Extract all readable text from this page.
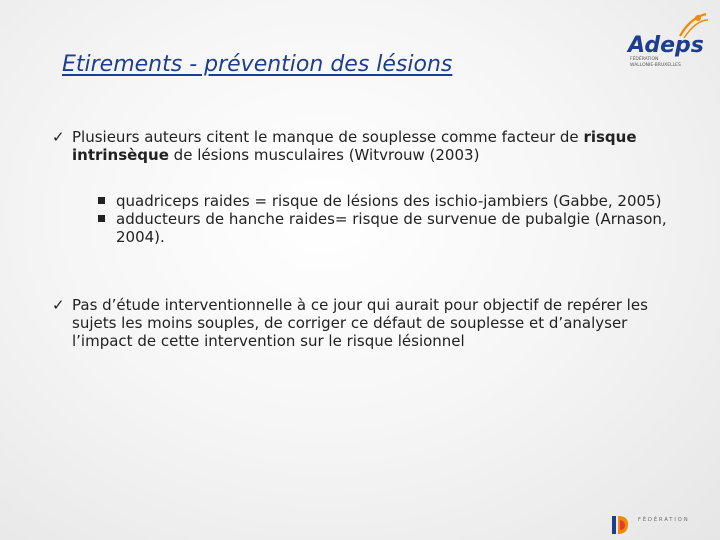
Etirements - prévention des lésions
Adeps
FÉDÉRATION
WALLONIE-BRUXELLES
✓ Plusieurs auteurs citent le manque de souplesse comme facteur de risque intrinsèque de lésions musculaires (Witvrouw (2003)
quadriceps raides = risque de lésions des ischio-jambiers (Gabbe, 2005)
adducteurs de hanche raides= risque de survenue de pubalgie (Arnason, 2004).
✓ Pas d’étude interventionnelle à ce jour qui aurait pour objectif de repérer les sujets les moins souples, de corriger ce défaut de souplesse et d’analyser l’impact de cette intervention sur le risque lésionnel
FÉDÉRATION
